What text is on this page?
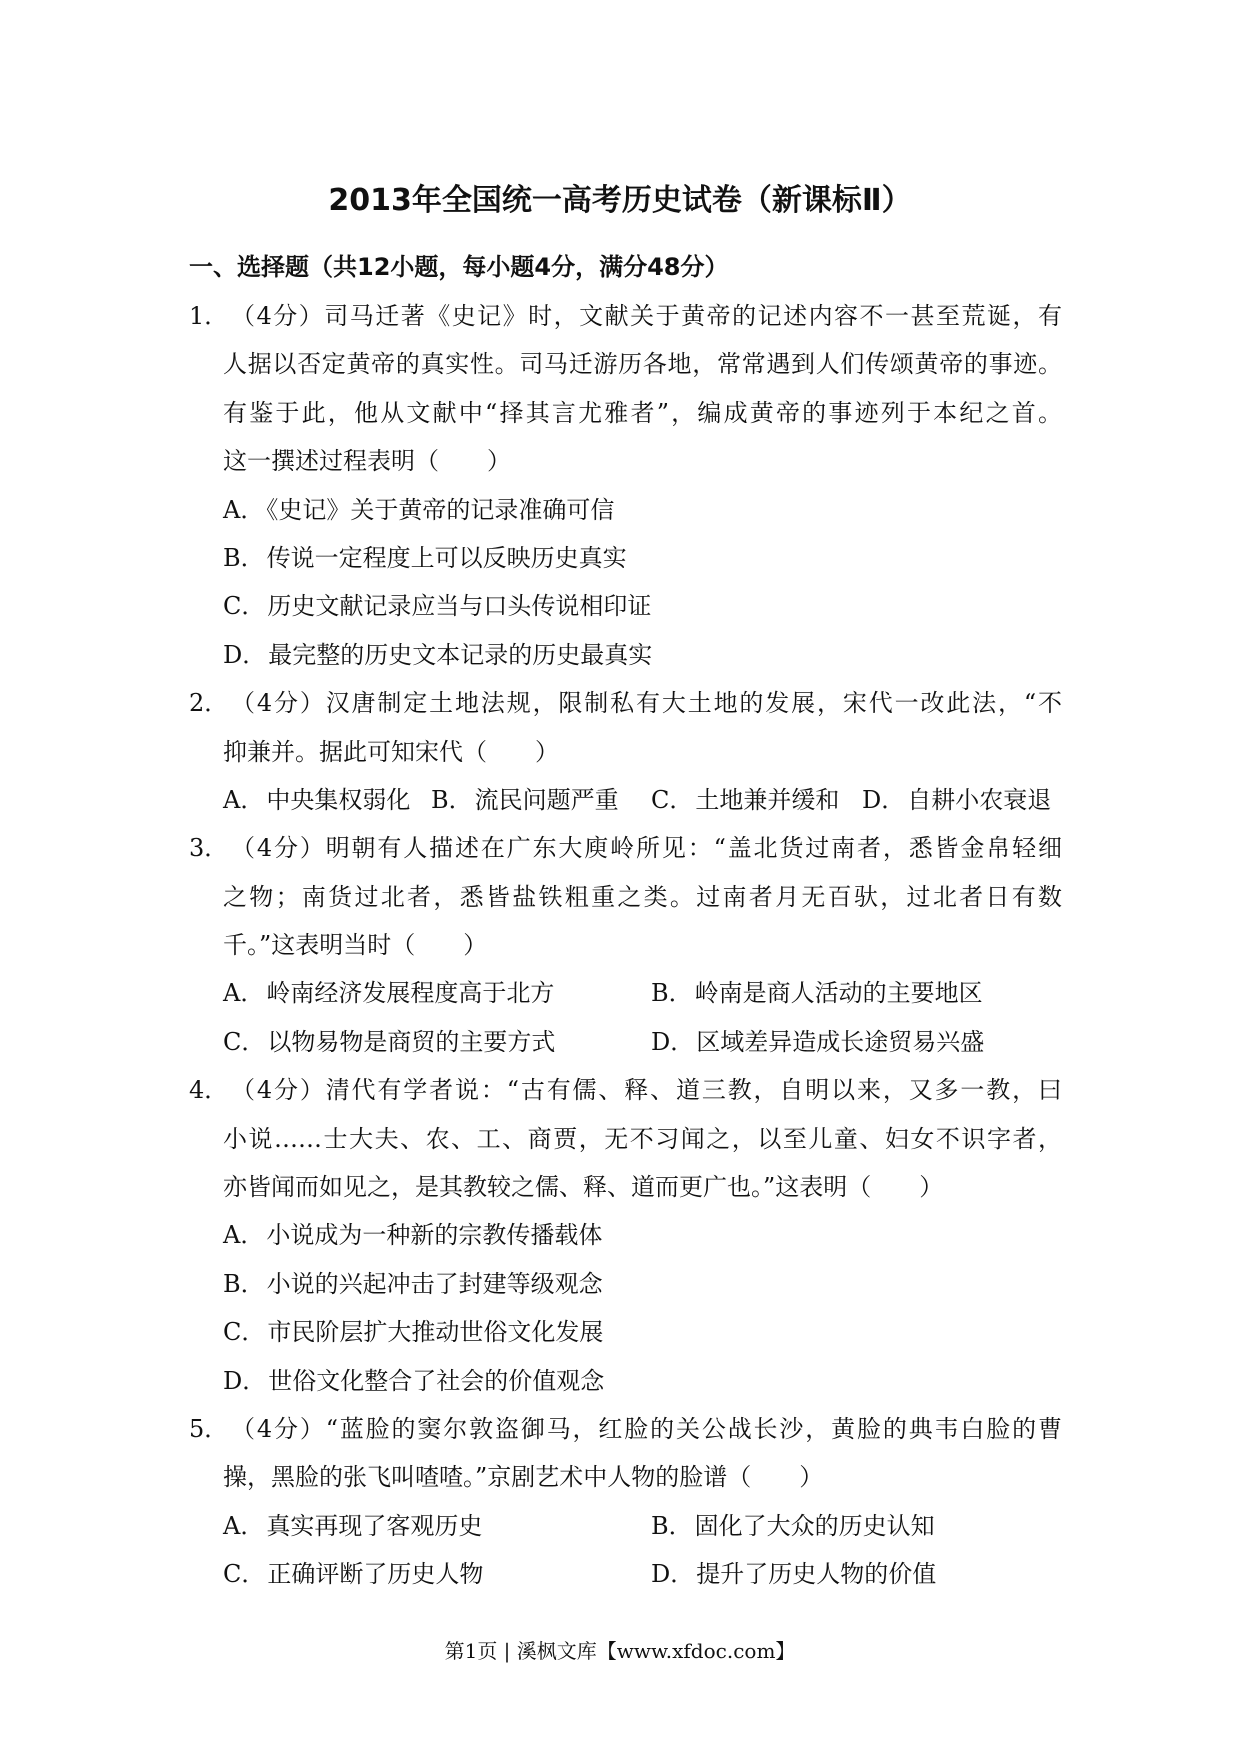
2013年全国统一高考历史试卷（新课标Ⅱ）
一、选择题（共12小题，每小题4分，满分48分）
1． （4分）司马迁著《史记》时，文献关于黄帝的记述内容不一甚至荒诞，有
人据以否定黄帝的真实性。司马迁游历各地，常常遇到人们传颂黄帝的事迹。
有鉴于此，他从文献中“择其言尤雅者”，编成黄帝的事迹列于本纪之首。
这一撰述过程表明（　　）
A．《史记》关于黄帝的记录准确可信
B．传说一定程度上可以反映历史真实
C．历史文献记录应当与口头传说相印证
D．最完整的历史文本记录的历史最真实
2． （4分）汉唐制定土地法规，限制私有大土地的发展，宋代一改此法，“不
抑兼并。据此可知宋代（　　）
A．中央集权弱化 B．流民问题严重 C．土地兼并缓和 D．自耕小农衰退
3． （4分）明朝有人描述在广东大庾岭所见：“盖北货过南者，悉皆金帛轻细
之物；南货过北者，悉皆盐铁粗重之类。过南者月无百驮，过北者日有数
千。”这表明当时（　　）
A．岭南经济发展程度高于北方	B．岭南是商人活动的主要地区
C．以物易物是商贸的主要方式	D．区域差异造成长途贸易兴盛
4． （4分）清代有学者说：“古有儒、释、道三教，自明以来，又多一教，曰
小说……士大夫、农、工、商贾，无不习闻之，以至儿童、妇女不识字者，
亦皆闻而如见之，是其教较之儒、释、道而更广也。”这表明（　　）
A．小说成为一种新的宗教传播载体
B．小说的兴起冲击了封建等级观念
C．市民阶层扩大推动世俗文化发展
D．世俗文化整合了社会的价值观念
5． （4分）“蓝脸的窦尔敦盗御马，红脸的关公战长沙，黄脸的典韦白脸的曹
操，黑脸的张飞叫喳喳。”京剧艺术中人物的脸谱（　　）
A．真实再现了客观历史	B．固化了大众的历史认知
C．正确评断了历史人物	D．提升了历史人物的价值
第1页 | 溪枫文库【www.xfdoc.com】
